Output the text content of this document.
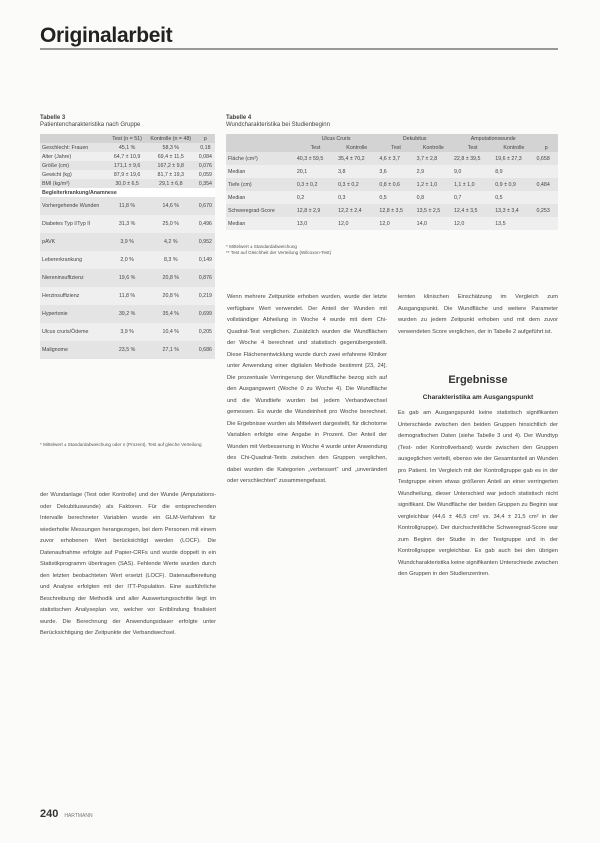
Originalarbeit
Tabelle 3
Patientencharakteristika nach Gruppe
	Test (n = 51)	Kontrolle (n = 48)	p
Geschlecht: Frauen	45,1 %	58,3 %	0,18
Alter (Jahre)	64,7 ± 10,9	69,4 ± 11,5	0,084
Größe (cm)	171,1 ± 9,6	167,2 ± 9,8	0,076
Gewicht (kg)	87,9 ± 19,6	81,7 ± 19,3	0,059
BMI (kg/m²)	30,0 ± 6,5	29,1 ± 6,8	0,354
Begleiterkrankung/Anamnese			
Vorhergehende Wunden	11,8 %	14,6 %	0,670
Diabetes Typ I/Typ II	31,3 %	25,0 %	0,496
pAVK	3,9 %	4,2 %	0,952
Lebererkrankung	2,0 %	8,3 %	0,149
Niereninsuffizienz	19,6 %	20,8 %	0,876
Herzinsuffizienz	11,8 %	20,8 %	0,219
Hypertonie	39,2 %	35,4 %	0,699
Ulcus cruris/Ödeme	3,9 %	10,4 %	0,205
Malignome	23,5 %	27,1 %	0,686
* Mittelwert ± Standardabweichung oder n (Prozent), Test auf gleiche Verteilung
Tabelle 4
Wundcharakteristika bei Studienbeginn
	Ulcus Cruris		Dekubitus		Amputationswunde		
	Test	Kontrolle	Test	Kontrolle	Test	Kontrolle	p
Fläche (cm²)	40,3 ± 59,5	35,4 ± 70,2	4,6 ± 3,7	3,7 ± 2,8	22,8 ± 39,5	19,6 ± 27,3	0,658
Median	20,1	3,8	3,6	2,9	9,0	8,9	
Tiefe (cm)	0,3 ± 0,2	0,3 ± 0,2	0,8 ± 0,6	1,2 ± 1,0	1,1 ± 1,0	0,9 ± 0,9	0,484
Median	0,2	0,3	0,5	0,8	0,7	0,5	
Schweregrad-Score	12,8 ± 2,9	12,2 ± 2,4	12,8 ± 3,5	13,5 ± 2,5	12,4 ± 3,5	13,3 ± 3,4	0,253
Median	13,0	12,0	12,0	14,0	12,0	13,5	
* Mittelwert ± Standardabweichung
** Test auf Gleichheit der Verteilung (Wilcoxon-Test)

der Wundanlage (Test oder Kontrolle) und der Wunde (Amputations- oder Dekubituswunde) als Faktoren. Für die entsprechenden Intervalle berechneter Variablen wurde ein GLM-Verfahren für wiederholte Messungen herangezogen, bei dem Personen mit einem zuvor erhobenen Wert berücksichtigt werden (LOCF). Die Datenaufnahme erfolgte auf Papier-CRFs und wurde doppelt in ein Statistikprogramm übertragen (SAS). Fehlende Werte wurden durch den letzten beobachteten Wert ersetzt (LOCF). Datenaufbereitung und Analyse erfolgten mit der ITT-Population. Eine ausführliche Beschreibung der Methodik und aller Auswertungsschritte liegt im statistischen Analyseplan vor, welcher vor Entblindung finalisiert wurde. Die Berechnung der Anwendungsdauer erfolgte unter Berücksichtigung der Zeitpunkte der Verbandwechsel.

Wenn mehrere Zeitpunkte erhoben wurden, wurde der letzte verfügbare Wert verwendet. Der Anteil der Wunden mit vollständiger Abheilung in Woche 4 wurde mit dem Chi-Quadrat-Test verglichen. Zusätzlich wurden die Wundflächen der Woche 4 berechnet und statistisch gegenübergestellt. Diese Flächenentwicklung wurde durch zwei erfahrene Kliniker unter Anwendung einer digitalen Methode bestimmt [23, 24]. Die prozentuale Verringerung der Wundfläche bezog sich auf den Ausgangswert (Woche 0 zu Woche 4). Die Wundfläche und die Wundtiefe wurden bei jedem Verbandwechsel gemessen. Es wurde die Wundeinheit pro Woche berechnet. Die Ergebnisse wurden als Mittelwert dargestellt, für dichotome Variablen erfolgte eine Angabe in Prozent. Der Anteil der Wunden mit Verbesserung in Woche 4 wurde unter Anwendung des Chi-Quadrat-Tests zwischen den Gruppen verglichen, dabei wurden die Kategorien „verbessert“ und „unverändert oder verschlechtert“ zusammengefasst.

lernten klinischen Einschätzung im Vergleich zum Ausgangspunkt. Die Wundfläche und weitere Parameter wurden zu jedem Zeitpunkt erhoben und mit dem zuvor verwendeten Score verglichen, der in Tabelle 2 aufgeführt ist.

Ergebnisse
Charakteristika am Ausgangspunkt

Es gab am Ausgangspunkt keine statistisch signifikanten Unterschiede zwischen den beiden Gruppen hinsichtlich der demografischen Daten (siehe Tabelle 3 und 4). Der Wundtyp (Test- oder Kontrollverband) wurde zwischen den Gruppen ausgeglichen verteilt, ebenso wie der Gesamtanteil an Wunden pro Patient. Im Vergleich mit der Kontrollgruppe gab es in der Testgruppe einen etwas größeren Anteil an einer verringerten Wundheilung, dieser Unterschied war jedoch statistisch nicht signifikant. Die Wundfläche der beiden Gruppen zu Beginn war vergleichbar (44,6 ± 46,5 cm² vs. 34,4 ± 21,5 cm² in der Kontrollgruppe). Der durchschnittliche Schweregrad-Score war zum Beginn der Studie in der Testgruppe und in der Kontrollgruppe vergleichbar. Es gab auch bei den übrigen Wundcharakteristika keine signifikanten Unterschiede zwischen den Gruppen in den Studienzentren.

240 HARTMANN
